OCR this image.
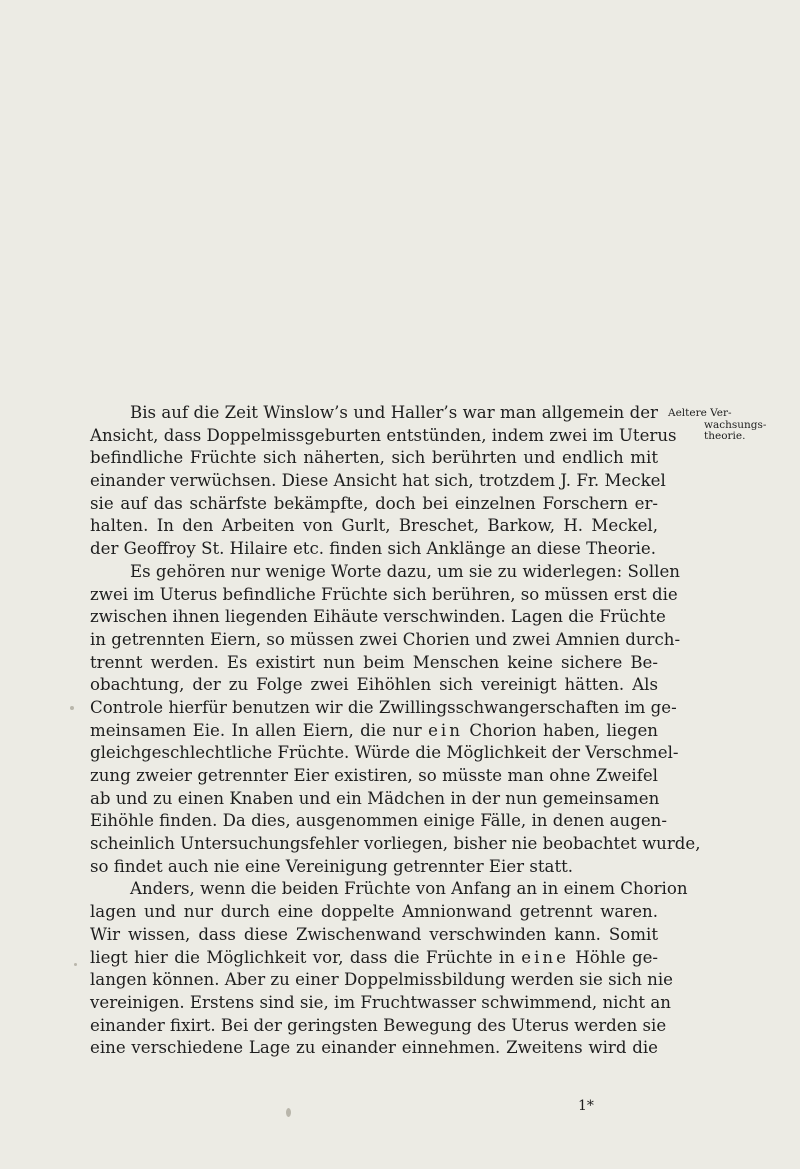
Aeltere Ver-
wachsungs-
theorie.
Bis auf die Zeit Winslow’s und Haller’s war man allgemein der
Ansicht, dass Doppelmissgeburten entstünden, indem zwei im Uterus
befindliche Früchte sich näherten, sich berührten und endlich mit
einander verwüchsen. Diese Ansicht hat sich, trotzdem J. Fr. Meckel
sie auf das schärfste bekämpfte, doch bei einzelnen Forschern er-
halten. In den Arbeiten von Gurlt, Breschet, Barkow, H. Meckel,
der Geoffroy St. Hilaire etc. finden sich Anklänge an diese Theorie.
Es gehören nur wenige Worte dazu, um sie zu widerlegen: Sollen
zwei im Uterus befindliche Früchte sich berühren, so müssen erst die
zwischen ihnen liegenden Eihäute verschwinden. Lagen die Früchte
in getrennten Eiern, so müssen zwei Chorien und zwei Amnien durch-
trennt werden. Es existirt nun beim Menschen keine sichere Be-
obachtung, der zu Folge zwei Eihöhlen sich vereinigt hätten. Als
Controle hierfür benutzen wir die Zwillingsschwangerschaften im ge-
meinsamen Eie. In allen Eiern, die nur ein Chorion haben, liegen
gleichgeschlechtliche Früchte. Würde die Möglichkeit der Verschmel-
zung zweier getrennter Eier existiren, so müsste man ohne Zweifel
ab und zu einen Knaben und ein Mädchen in der nun gemeinsamen
Eihöhle finden. Da dies, ausgenommen einige Fälle, in denen augen-
scheinlich Untersuchungsfehler vorliegen, bisher nie beobachtet wurde,
so findet auch nie eine Vereinigung getrennter Eier statt.
Anders, wenn die beiden Früchte von Anfang an in einem Chorion
lagen und nur durch eine doppelte Amnionwand getrennt waren.
Wir wissen, dass diese Zwischenwand verschwinden kann. Somit
liegt hier die Möglichkeit vor, dass die Früchte in eine Höhle ge-
langen können. Aber zu einer Doppelmissbildung werden sie sich nie
vereinigen. Erstens sind sie, im Fruchtwasser schwimmend, nicht an
einander fixirt. Bei der geringsten Bewegung des Uterus werden sie
eine verschiedene Lage zu einander einnehmen. Zweitens wird die
1*
